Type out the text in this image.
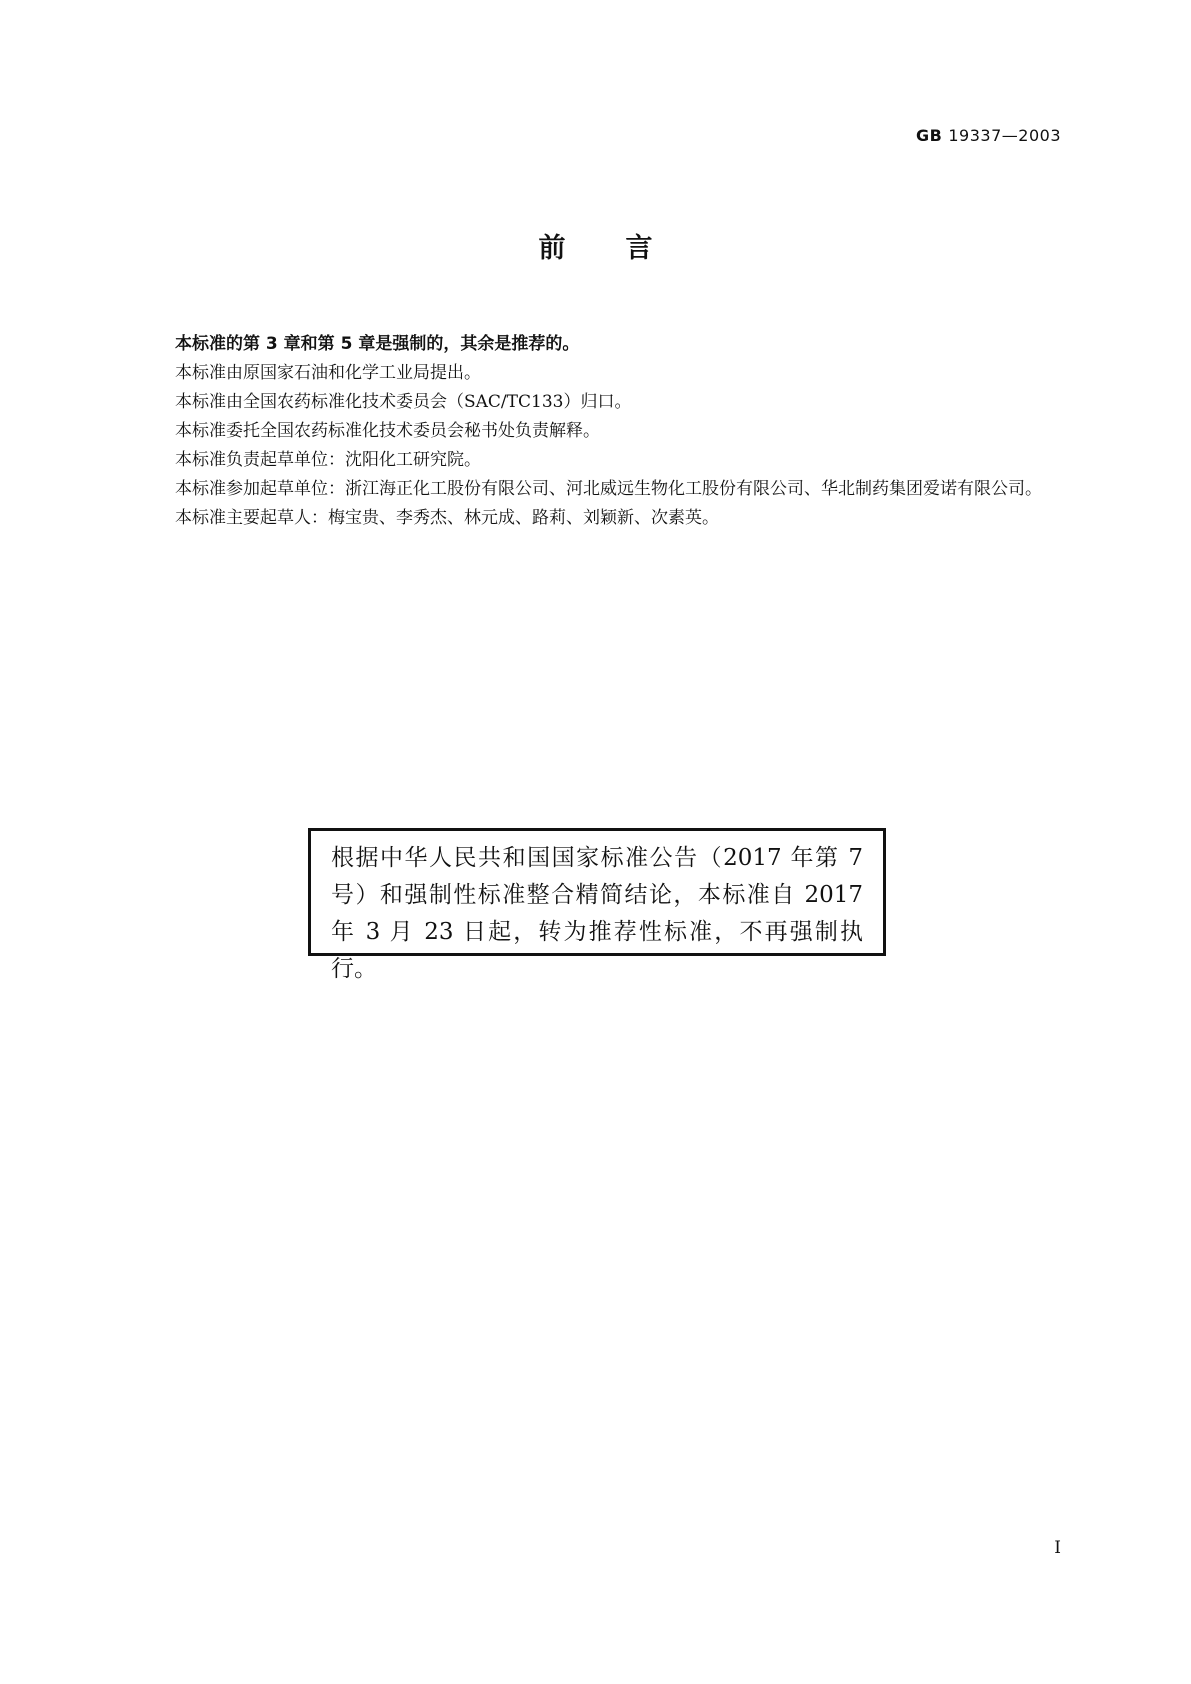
GB 19337—2003
前言

本标准的第 3 章和第 5 章是强制的，其余是推荐的。

本标准由原国家石油和化学工业局提出。

本标准由全国农药标准化技术委员会（SAC/TC133）归口。

本标准委托全国农药标准化技术委员会秘书处负责解释。

本标准负责起草单位：沈阳化工研究院。

本标准参加起草单位：浙江海正化工股份有限公司、河北威远生物化工股份有限公司、华北制药集团爱诺有限公司。

本标准主要起草人：梅宝贵、李秀杰、林元成、路莉、刘颖新、次素英。

根据中华人民共和国国家标准公告（2017 年第 7 号）和强制性标准整合精简结论，本标准自 2017 年 3 月 23 日起，转为推荐性标准，不再强制执行。
I
